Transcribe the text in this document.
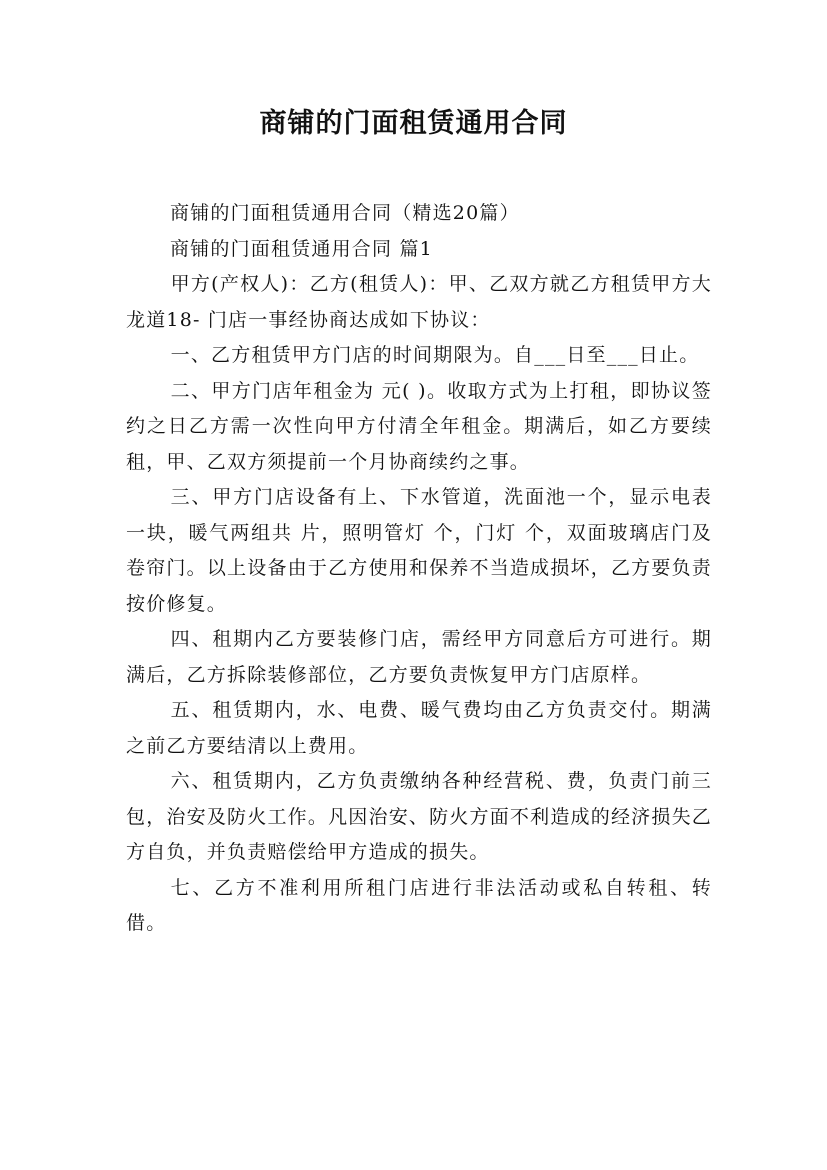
商铺的门面租赁通用合同

商铺的门面租赁通用合同（精选20篇）

商铺的门面租赁通用合同 篇1

甲方(产权人)：乙方(租赁人)：甲、乙双方就乙方租赁甲方大龙道18- 门店一事经协商达成如下协议：

一、乙方租赁甲方门店的时间期限为。自___日至___日止。

二、甲方门店年租金为 元( )。收取方式为上打租，即协议签约之日乙方需一次性向甲方付清全年租金。期满后，如乙方要续租，甲、乙双方须提前一个月协商续约之事。

三、甲方门店设备有上、下水管道，洗面池一个，显示电表一块，暖气两组共 片，照明管灯 个，门灯 个，双面玻璃店门及卷帘门。以上设备由于乙方使用和保养不当造成损坏，乙方要负责按价修复。

四、租期内乙方要装修门店，需经甲方同意后方可进行。期满后，乙方拆除装修部位，乙方要负责恢复甲方门店原样。

五、租赁期内，水、电费、暖气费均由乙方负责交付。期满之前乙方要结清以上费用。

六、租赁期内，乙方负责缴纳各种经营税、费，负责门前三包，治安及防火工作。凡因治安、防火方面不利造成的经济损失乙方自负，并负责赔偿给甲方造成的损失。

七、乙方不准利用所租门店进行非法活动或私自转租、转借。
